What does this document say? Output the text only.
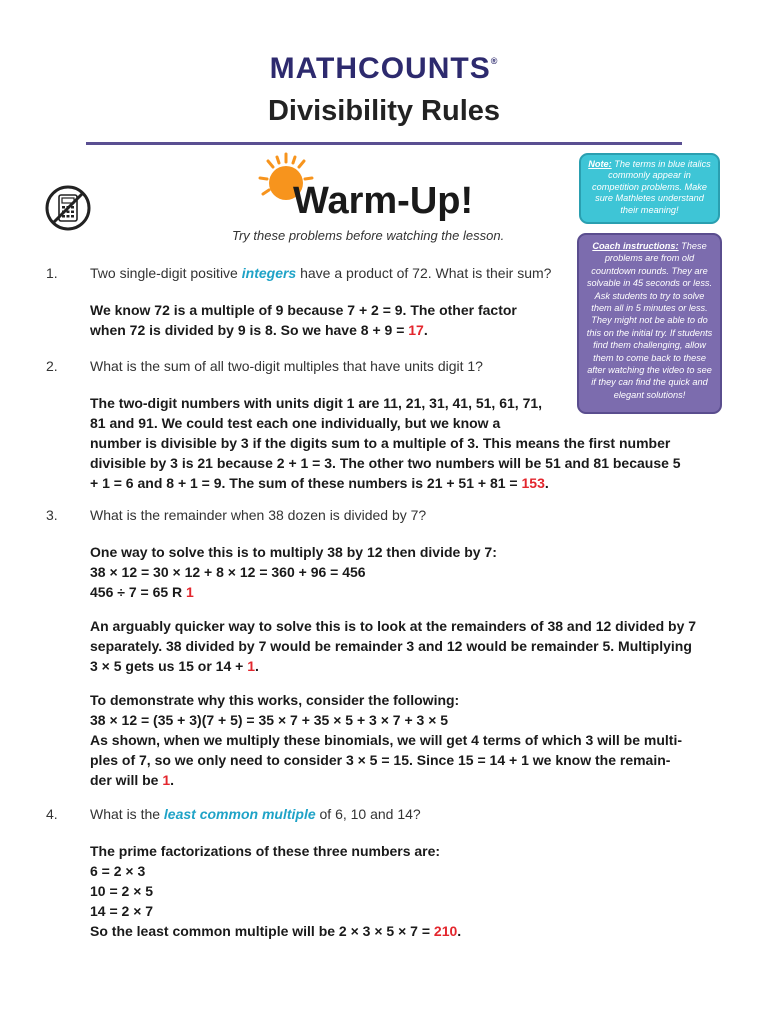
MATHCOUNTS®
Divisibility Rules
Warm-Up!
Try these problems before watching the lesson.
Note: The terms in blue italics commonly appear in competition problems. Make sure Mathletes understand their meaning!
Coach instructions: These problems are from old countdown rounds. They are solvable in 45 seconds or less. Ask students to try to solve them all in 5 minutes or less. They might not be able to do this on the initial try. If students find them challenging, allow them to come back to these after watching the video to see if they can find the quick and elegant solutions!
1. Two single-digit positive integers have a product of 72. What is their sum?
We know 72 is a multiple of 9 because 7 + 2 = 9. The other factor
when 72 is divided by 9 is 8. So we have 8 + 9 = 17.
2. What is the sum of all two-digit multiples that have units digit 1?
The two-digit numbers with units digit 1 are 11, 21, 31, 41, 51, 61, 71,
81 and 91. We could test each one individually, but we know a
number is divisible by 3 if the digits sum to a multiple of 3. This means the first number
divisible by 3 is 21 because 2 + 1 = 3. The other two numbers will be 51 and 81 because 5
+ 1 = 6 and 8 + 1 = 9. The sum of these numbers is 21 + 51 + 81 = 153.
3. What is the remainder when 38 dozen is divided by 7?
One way to solve this is to multiply 38 by 12 then divide by 7:
38 × 12 = 30 × 12 + 8 × 12 = 360 + 96 = 456
456 ÷ 7 = 65 R 1
An arguably quicker way to solve this is to look at the remainders of 38 and 12 divided by 7
separately. 38 divided by 7 would be remainder 3 and 12 would be remainder 5. Multiplying
3 × 5 gets us 15 or 14 + 1.
To demonstrate why this works, consider the following:
38 × 12 = (35 + 3)(7 + 5) = 35 × 7 + 35 × 5 + 3 × 7 + 3 × 5
As shown, when we multiply these binomials, we will get 4 terms of which 3 will be multi-
ples of 7, so we only need to consider 3 × 5 = 15. Since 15 = 14 + 1 we know the remain-
der will be 1.
4. What is the least common multiple of 6, 10 and 14?
The prime factorizations of these three numbers are:
6 = 2 × 3
10 = 2 × 5
14 = 2 × 7
So the least common multiple will be 2 × 3 × 5 × 7 = 210.
